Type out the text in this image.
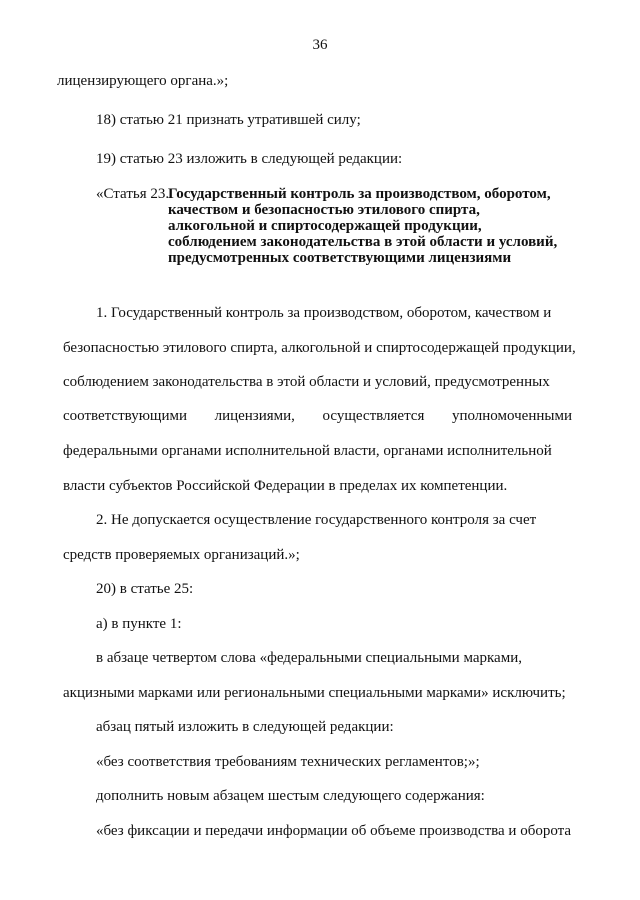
36
лицензирующего органа.»;
18) статью 21 признать утратившей силу;
19) статью 23 изложить в следующей редакции:
«Статья 23.
Государственный контроль за производством, оборотом,
качеством и безопасностью этилового спирта,
алкогольной и спиртосодержащей продукции,
соблюдением законодательства в этой области и условий,
предусмотренных соответствующими лицензиями
1. Государственный контроль за производством, оборотом, качеством и
безопасностью этилового спирта, алкогольной и спиртосодержащей продукции,
соблюдением законодательства в этой области и условий, предусмотренных
соответствующими лицензиями, осуществляется уполномоченными
федеральными органами исполнительной власти, органами исполнительной
власти субъектов Российской Федерации в пределах их компетенции.
2. Не допускается осуществление государственного контроля за счет
средств проверяемых организаций.»;
20) в статье 25:
а) в пункте 1:
в абзаце четвертом слова «федеральными специальными марками,
акцизными марками или региональными специальными марками» исключить;
абзац пятый изложить в следующей редакции:
«без соответствия требованиям технических регламентов;»;
дополнить новым абзацем шестым следующего содержания:
«без фиксации и передачи информации об объеме производства и оборота
